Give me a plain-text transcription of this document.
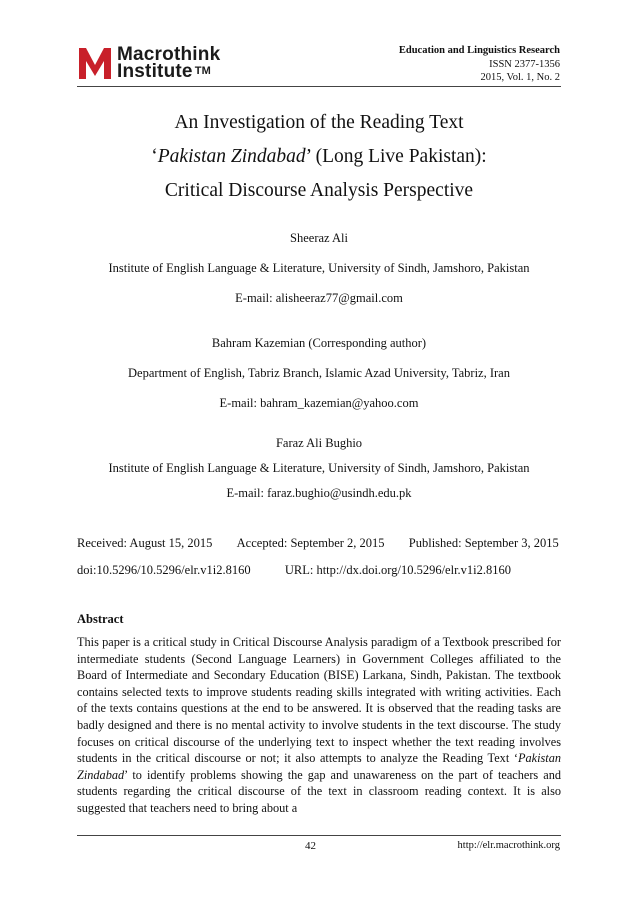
Macrothink
Institute ™
Education and Linguistics Research
ISSN 2377-1356
2015, Vol. 1, No. 2
An Investigation of the Reading Text
‘Pakistan Zindabad’ (Long Live Pakistan):
Critical Discourse Analysis Perspective
Sheeraz Ali
Institute of English Language & Literature, University of Sindh, Jamshoro, Pakistan
E-mail: alisheeraz77@gmail.com
Bahram Kazemian (Corresponding author)
Department of English, Tabriz Branch, Islamic Azad University, Tabriz, Iran
E-mail: bahram_kazemian@yahoo.com
Faraz Ali Bughio
Institute of English Language & Literature, University of Sindh, Jamshoro, Pakistan
E-mail: faraz.bughio@usindh.edu.pk
Received: August 15, 2015 Accepted: September 2, 2015 Published: September 3, 2015
doi:10.5296/10.5296/elr.v1i2.8160	URL: http://dx.doi.org/10.5296/elr.v1i2.8160
Abstract
This paper is a critical study in Critical Discourse Analysis paradigm of a Textbook prescribed for intermediate students (Second Language Learners) in Government Colleges affiliated to the Board of Intermediate and Secondary Education (BISE) Larkana, Sindh, Pakistan. The textbook contains selected texts to improve students reading skills integrated with writing activities. Each of the texts contains questions at the end to be answered. It is observed that the reading tasks are badly designed and there is no mental activity to involve students in the text discourse. The study focuses on critical discourse of the underlying text to inspect whether the text reading involves students in the critical discourse or not; it also attempts to analyze the Reading Text ‘Pakistan Zindabad’ to identify problems showing the gap and unawareness on the part of teachers and students regarding the critical discourse of the text in classroom reading context. It is also suggested that teachers need to bring about a
42	http://elr.macrothink.org
